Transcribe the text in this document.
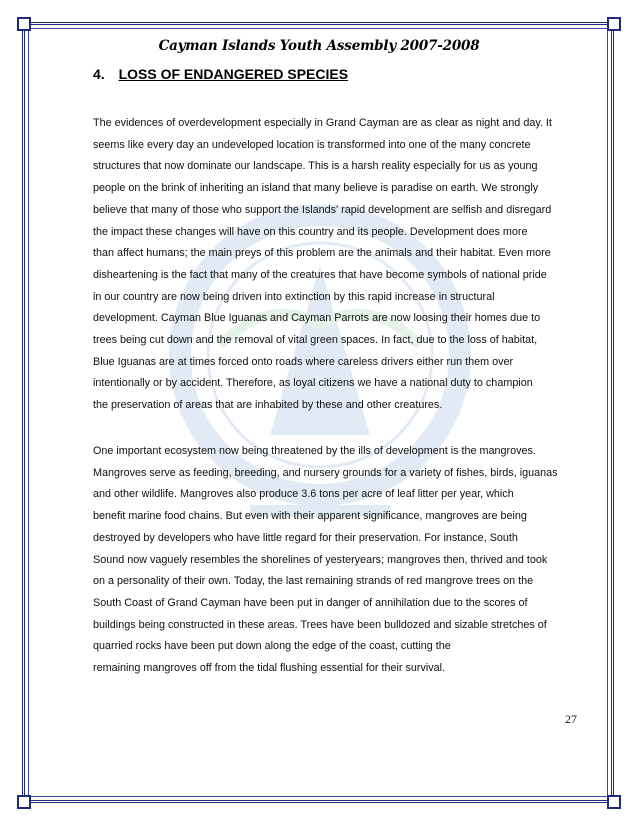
Cayman Islands Youth Assembly 2007-2008
4. LOSS OF ENDANGERED SPECIES
The evidences of overdevelopment especially in Grand Cayman are as clear as night and day. It
seems like every day an undeveloped location is transformed into one of the many concrete
structures that now dominate our landscape. This is a harsh reality especially for us as young
people on the brink of inheriting an island that many believe is paradise on earth. We strongly
believe that many of those who support the Islands' rapid development are selfish and disregard
the impact these changes will have on this country and its people. Development does more
than affect humans; the main preys of this problem are the animals and their habitat. Even more
disheartening is the fact that many of the creatures that have become symbols of national pride
in our country are now being driven into extinction by this rapid increase in structural
development. Cayman Blue Iguanas and Cayman Parrots are now loosing their homes due to
trees being cut down and the removal of vital green spaces. In fact, due to the loss of habitat,
Blue Iguanas are at times forced onto roads where careless drivers either run them over
intentionally or by accident. Therefore, as loyal citizens we have a national duty to champion
the preservation of areas that are inhabited by these and other creatures.
One important ecosystem now being threatened by the ills of development is the mangroves.
Mangroves serve as feeding, breeding, and nursery grounds for a variety of fishes, birds, iguanas
and other wildlife. Mangroves also produce 3.6 tons per acre of leaf litter per year, which
benefit marine food chains. But even with their apparent significance, mangroves are being
destroyed by developers who have little regard for their preservation. For instance, South
Sound now vaguely resembles the shorelines of yesteryears; mangroves then, thrived and took
on a personality of their own. Today, the last remaining strands of red mangrove trees on the
South Coast of Grand Cayman have been put in danger of annihilation due to the scores of
buildings being constructed in these areas. Trees have been bulldozed and sizable stretches of
quarried rocks have been put down along the edge of the coast, cutting the
remaining mangroves off from the tidal flushing essential for their survival.
27
